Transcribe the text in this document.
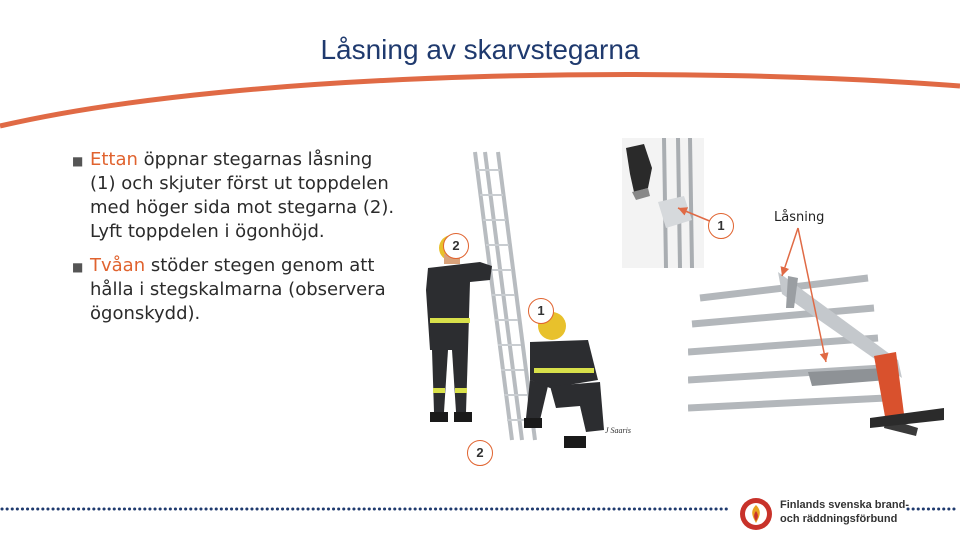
Låsning av skarvstegarna
■ Ettan öppnar stegarnas låsning
(1) och skjuter först ut toppdelen
med höger sida mot stegarna (2).
Lyft toppdelen i ögonhöjd.
■ Tvåan stöder stegen genom att
hålla i stegskalmarna (observera
ögonskydd).
J Saaris
Låsning
2
1
2
1
Finlands svenska brand-
och räddningsförbund
